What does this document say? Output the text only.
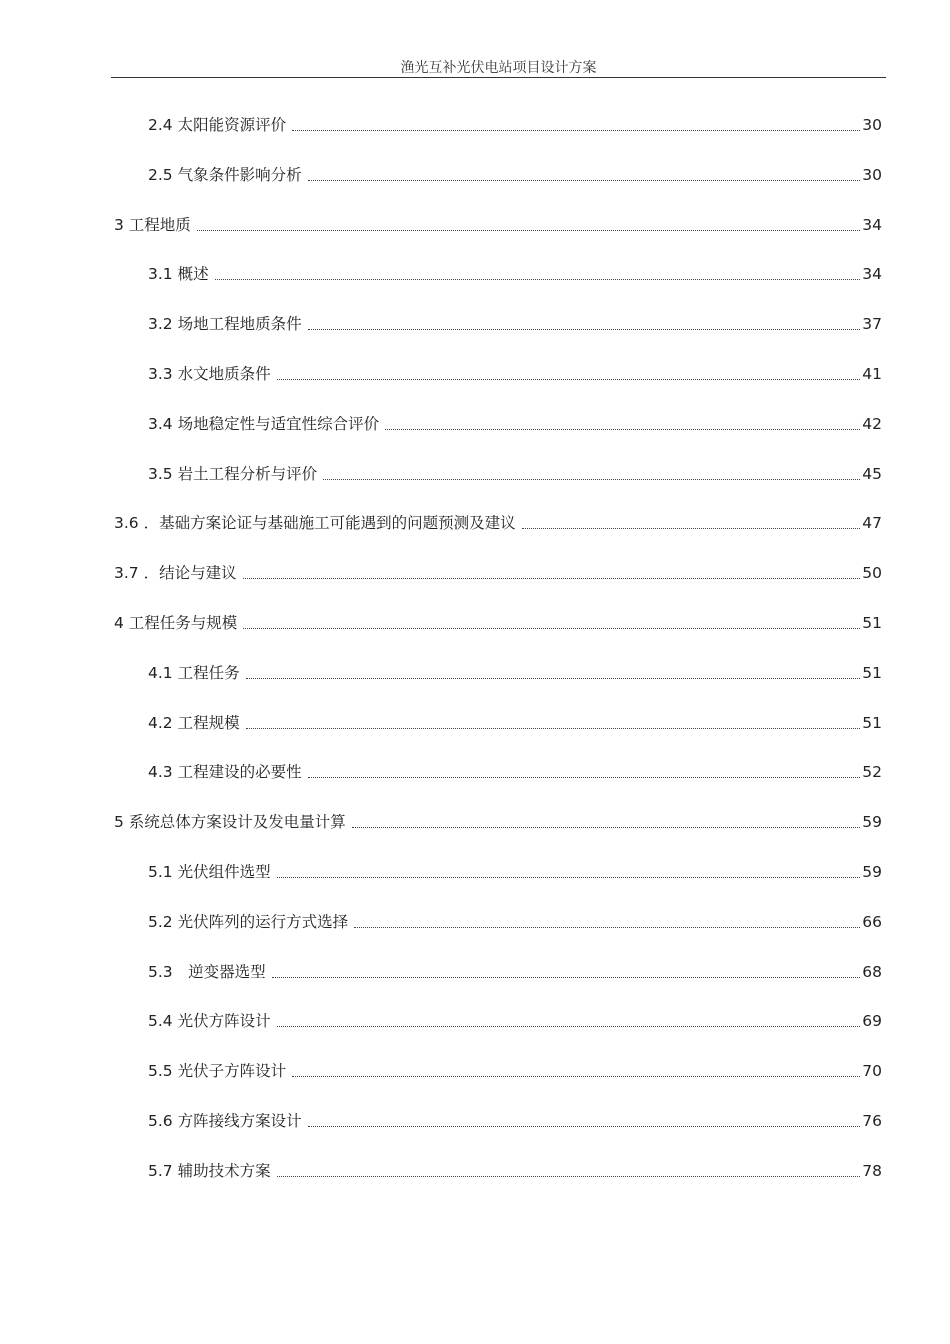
渔光互补光伏电站项目设计方案
2.4 太阳能资源评价	30
2.5 气象条件影响分析	30
3 工程地质	34
3.1 概述	34
3.2 场地工程地质条件	37
3.3 水文地质条件	41
3.4 场地稳定性与适宜性综合评价	42
3.5 岩土工程分析与评价	45
3.6 ．基础方案论证与基础施工可能遇到的问题预测及建议	47
3.7 ．结论与建议	50
4 工程任务与规模	51
4.1 工程任务	51
4.2 工程规模	51
4.3 工程建设的必要性	52
5 系统总体方案设计及发电量计算	59
5.1 光伏组件选型	59
5.2 光伏阵列的运行方式选择	66
5.3　逆变器选型	68
5.4 光伏方阵设计	69
5.5 光伏子方阵设计	70
5.6 方阵接线方案设计	76
5.7 辅助技术方案	78
